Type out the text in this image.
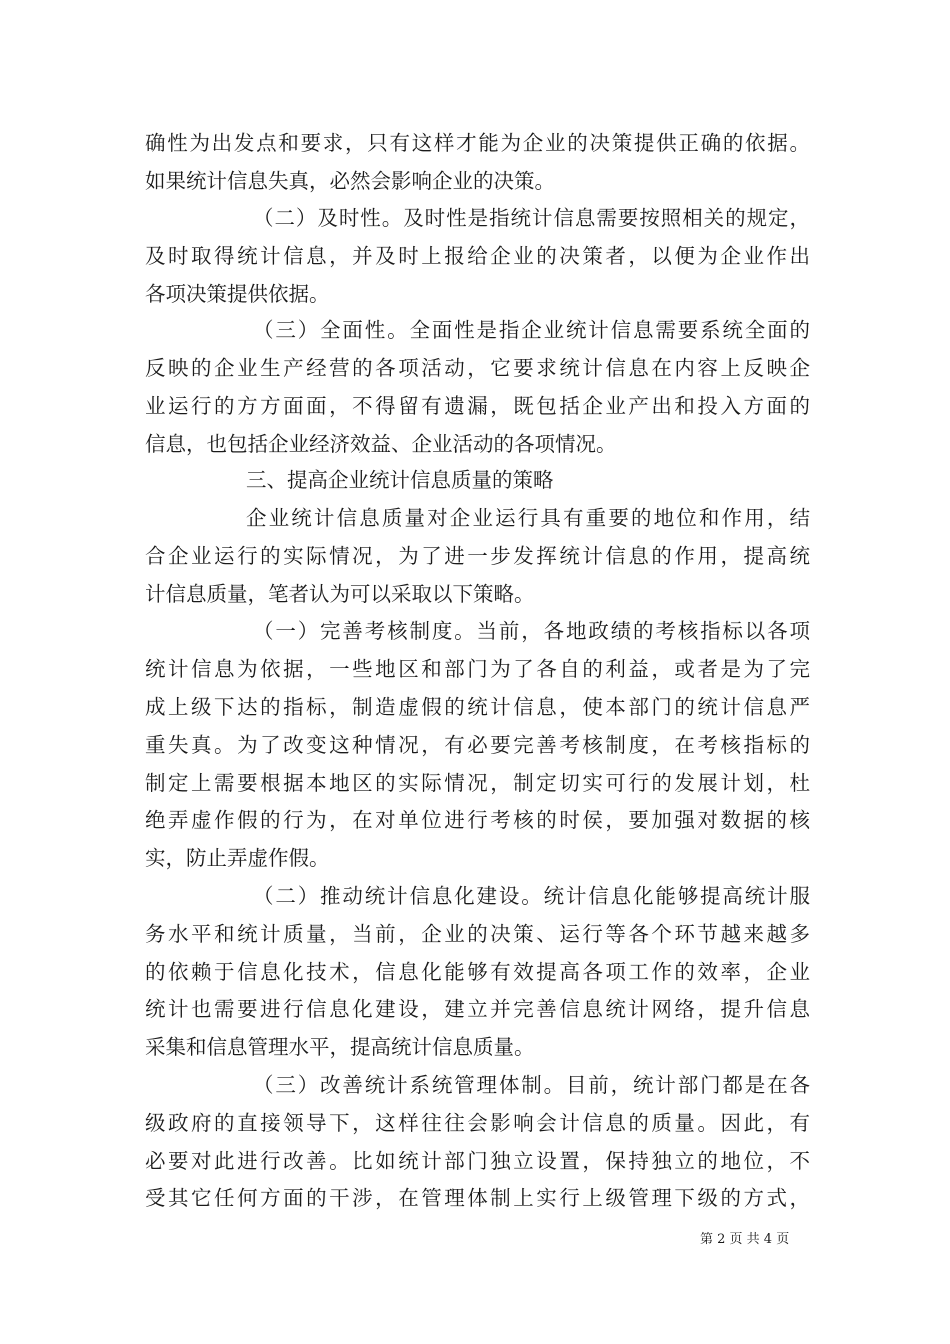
确性为出发点和要求，只有这样才能为企业的决策提供正确的依据。
如果统计信息失真，必然会影响企业的决策。
（二）及时性。及时性是指统计信息需要按照相关的规定，
及时取得统计信息，并及时上报给企业的决策者，以便为企业作出
各项决策提供依据。
（三）全面性。全面性是指企业统计信息需要系统全面的
反映的企业生产经营的各项活动，它要求统计信息在内容上反映企
业运行的方方面面，不得留有遗漏，既包括企业产出和投入方面的
信息，也包括企业经济效益、企业活动的各项情况。
三、提高企业统计信息质量的策略
企业统计信息质量对企业运行具有重要的地位和作用，结
合企业运行的实际情况，为了进一步发挥统计信息的作用，提高统
计信息质量，笔者认为可以采取以下策略。
（一）完善考核制度。当前，各地政绩的考核指标以各项
统计信息为依据，一些地区和部门为了各自的利益，或者是为了完
成上级下达的指标，制造虚假的统计信息，使本部门的统计信息严
重失真。为了改变这种情况，有必要完善考核制度，在考核指标的
制定上需要根据本地区的实际情况，制定切实可行的发展计划，杜
绝弄虚作假的行为，在对单位进行考核的时侯，要加强对数据的核
实，防止弄虚作假。
（二）推动统计信息化建设。统计信息化能够提高统计服
务水平和统计质量，当前，企业的决策、运行等各个环节越来越多
的依赖于信息化技术，信息化能够有效提高各项工作的效率，企业
统计也需要进行信息化建设，建立并完善信息统计网络，提升信息
采集和信息管理水平，提高统计信息质量。
（三）改善统计系统管理体制。目前，统计部门都是在各
级政府的直接领导下，这样往往会影响会计信息的质量。因此，有
必要对此进行改善。比如统计部门独立设置，保持独立的地位，不
受其它任何方面的干涉，在管理体制上实行上级管理下级的方式，
第 2 页 共 4 页
